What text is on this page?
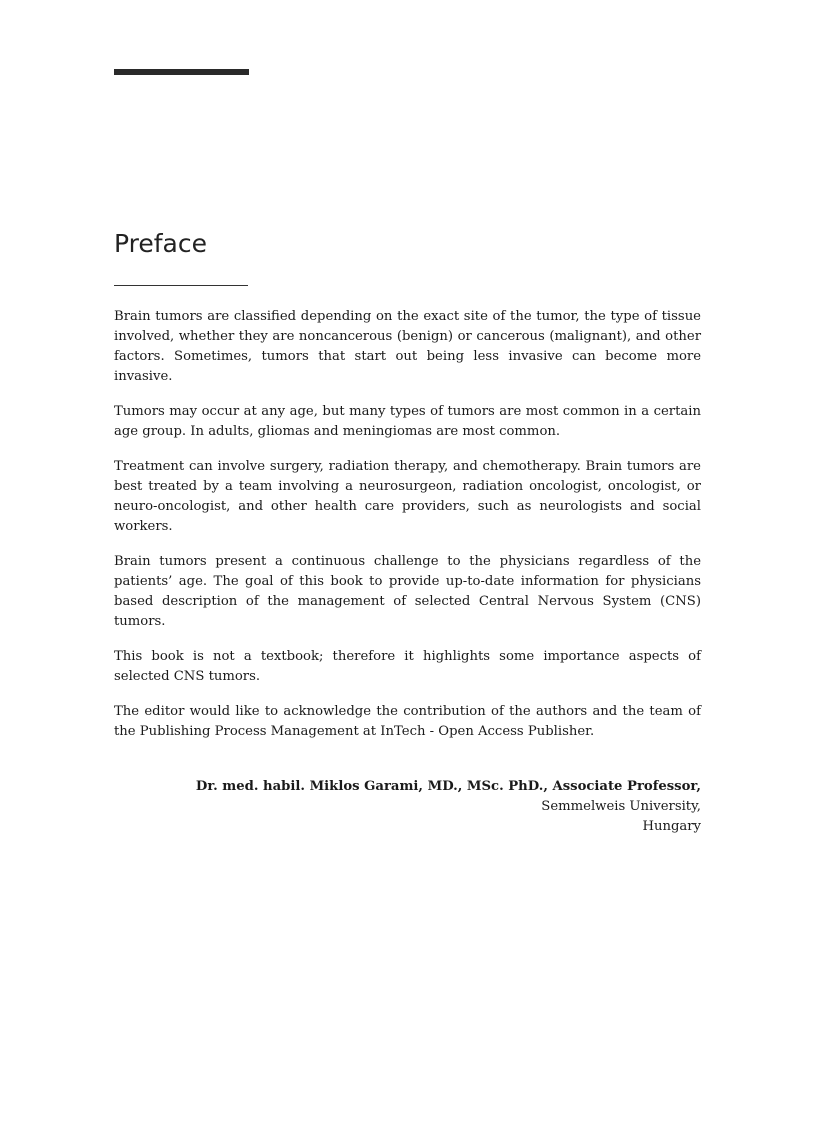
Preface

Brain tumors are classified depending on the exact site of the tumor, the type of tissue involved, whether they are noncancerous (benign) or cancerous (malignant), and other factors. Sometimes, tumors that start out being less invasive can become more invasive.

Tumors may occur at any age, but many types of tumors are most common in a certain age group. In adults, gliomas and meningiomas are most common.

Treatment can involve surgery, radiation therapy, and chemotherapy. Brain tumors are best treated by a team involving a neurosurgeon, radiation oncologist, oncologist, or neuro-oncologist, and other health care providers, such as neurologists and social workers.

Brain tumors present a continuous challenge to the physicians regardless of the patients’ age. The goal of this book to provide up-to-date information for physicians based description of the management of selected Central Nervous System (CNS) tumors.

This book is not a textbook; therefore it highlights some importance aspects of selected CNS tumors.

The editor would like to acknowledge the contribution of the authors and the team of the Publishing Process Management at InTech - Open Access Publisher.

Dr. med. habil. Miklos Garami, MD., MSc. PhD., Associate Professor,
Semmelweis University,
Hungary
